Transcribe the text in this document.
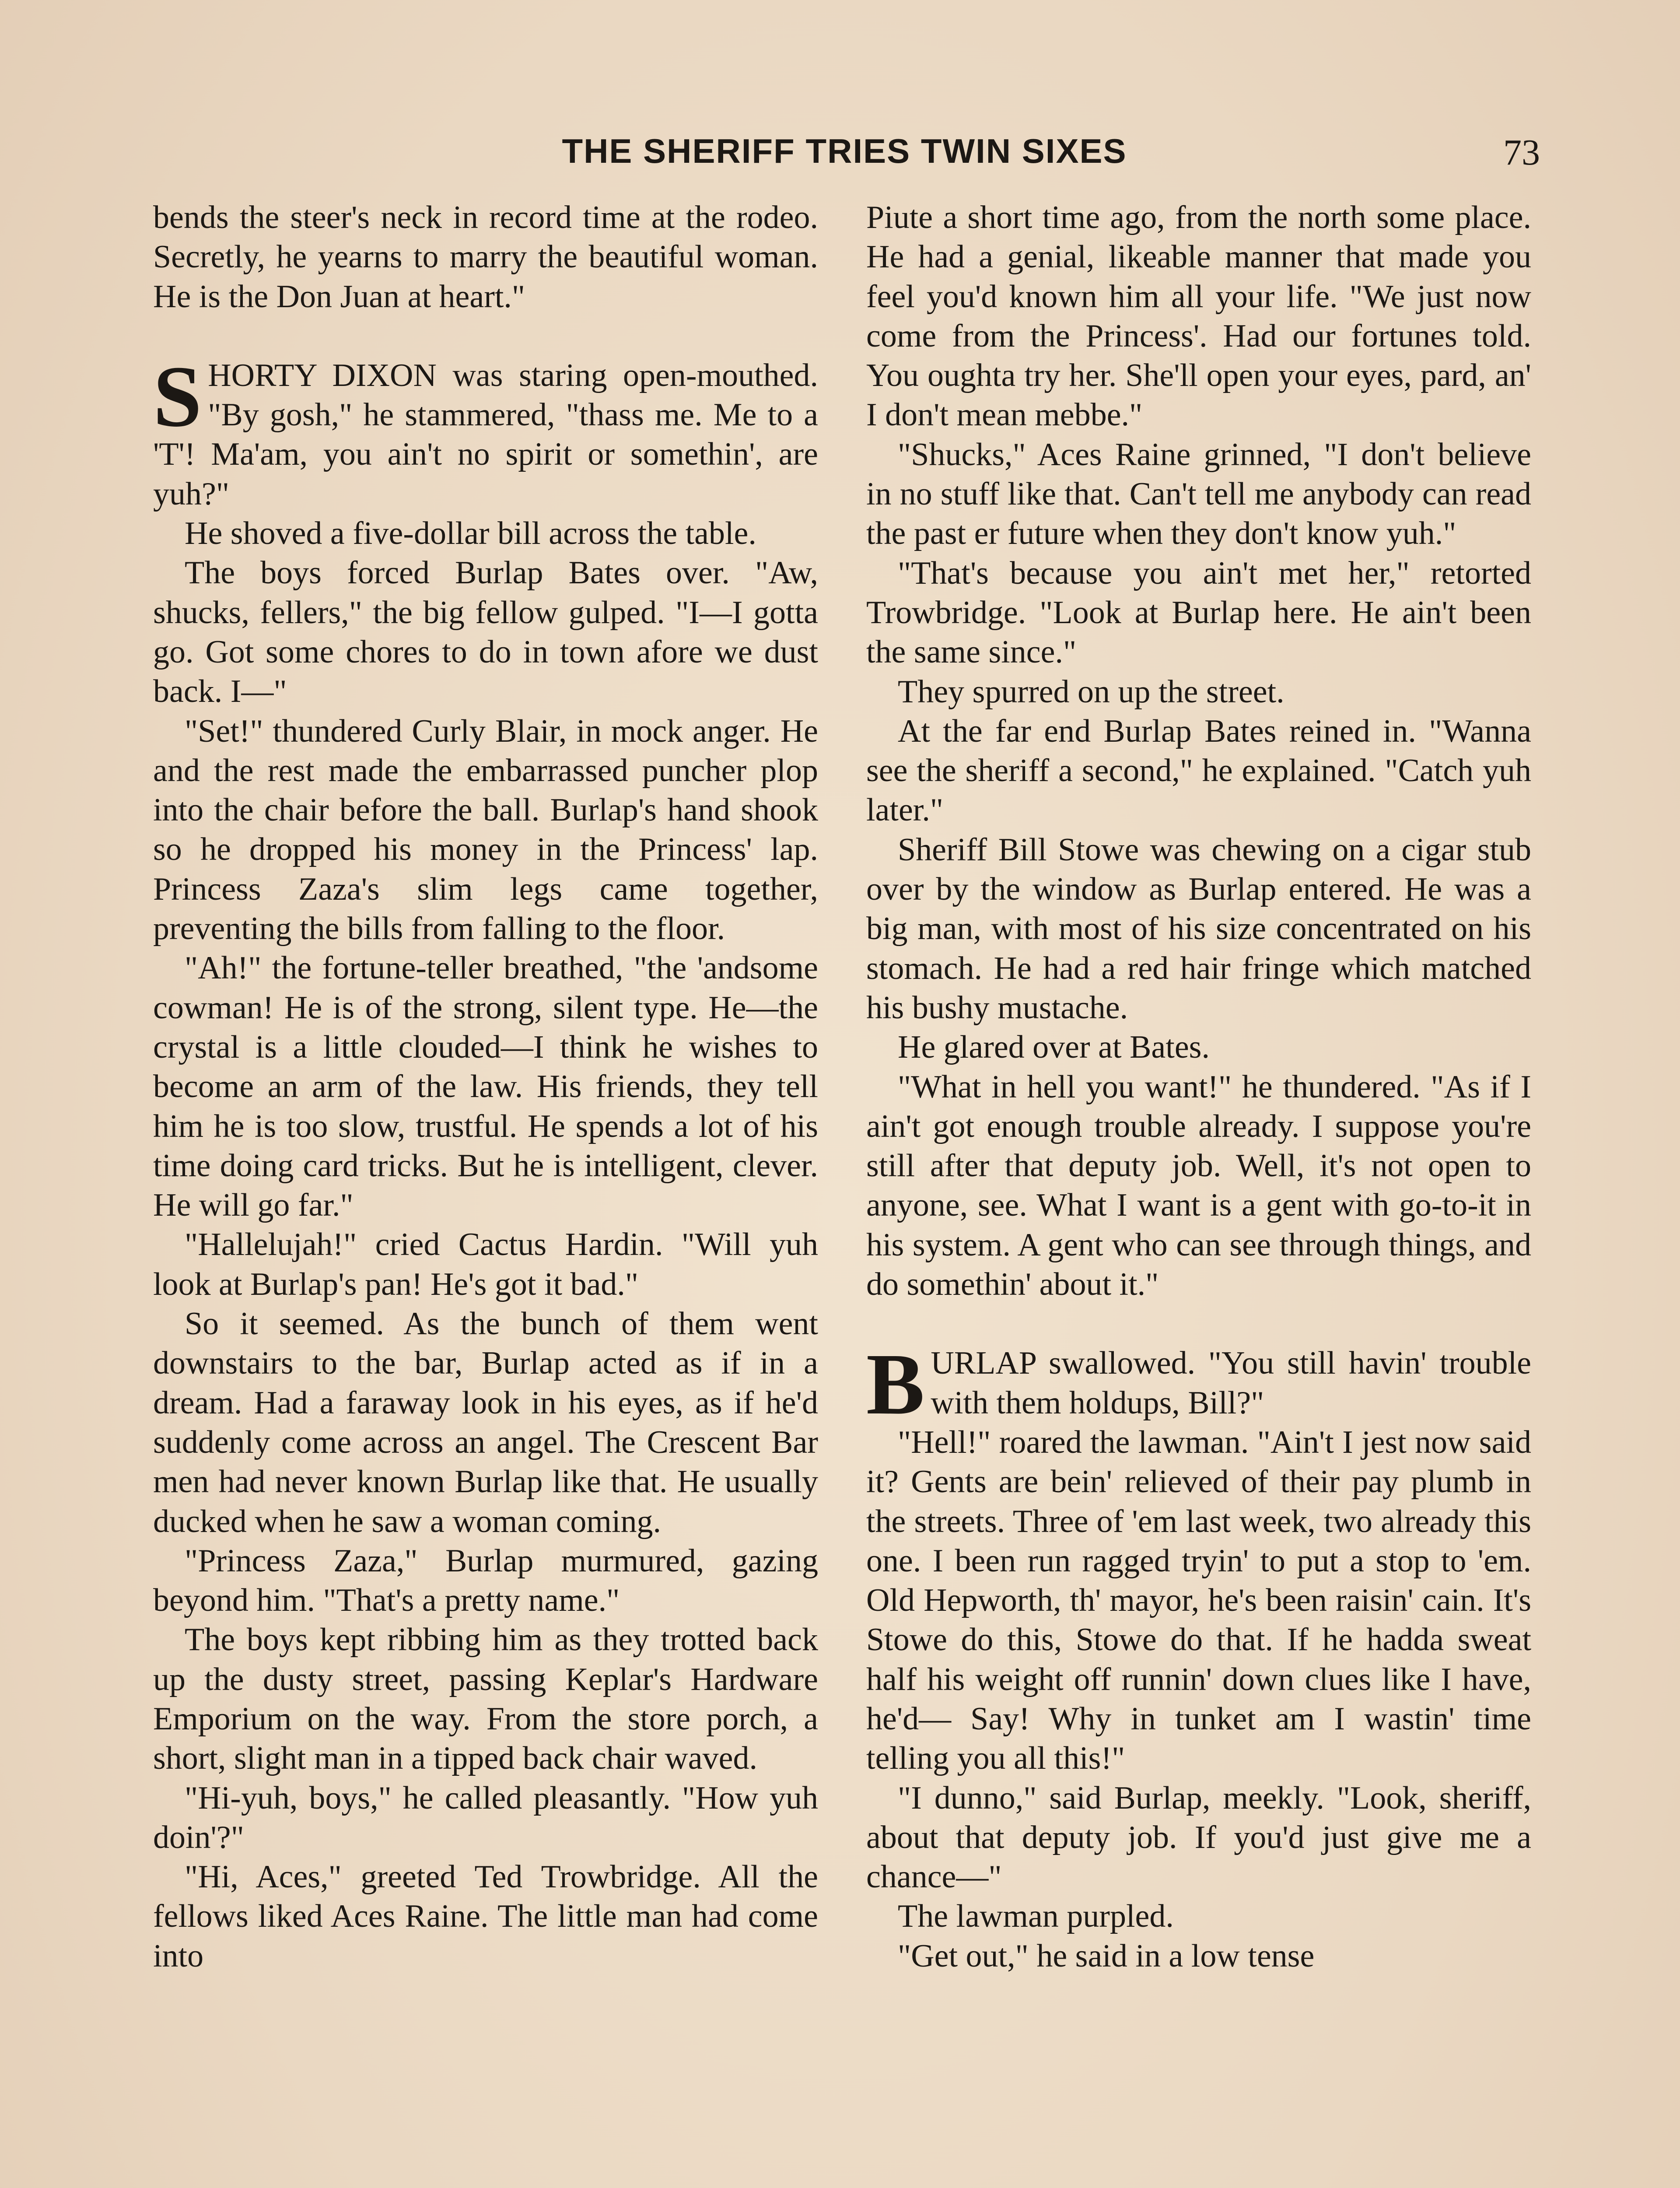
THE SHERIFF TRIES TWIN SIXES	73

bends the steer's neck in record time at the rodeo. Secretly, he yearns to marry the beautiful woman. He is the Don Juan at heart."

SHORTY DIXON was staring open-mouthed. "By gosh," he stammered, "thass me. Me to a 'T'! Ma'am, you ain't no spirit or somethin', are yuh?"

He shoved a five-dollar bill across the table.

The boys forced Burlap Bates over. "Aw, shucks, fellers," the big fellow gulped. "I—I gotta go. Got some chores to do in town afore we dust back. I—"

"Set!" thundered Curly Blair, in mock anger. He and the rest made the embarrassed puncher plop into the chair before the ball. Burlap's hand shook so he dropped his money in the Princess' lap. Princess Zaza's slim legs came together, preventing the bills from falling to the floor.

"Ah!" the fortune-teller breathed, "the 'andsome cowman! He is of the strong, silent type. He—the crystal is a little clouded—I think he wishes to become an arm of the law. His friends, they tell him he is too slow, trustful. He spends a lot of his time doing card tricks. But he is intelligent, clever. He will go far."

"Hallelujah!" cried Cactus Hardin. "Will yuh look at Burlap's pan! He's got it bad."

So it seemed. As the bunch of them went downstairs to the bar, Burlap acted as if in a dream. Had a faraway look in his eyes, as if he'd suddenly come across an angel. The Crescent Bar men had never known Burlap like that. He usually ducked when he saw a woman coming.

"Princess Zaza," Burlap murmured, gazing beyond him. "That's a pretty name."

The boys kept ribbing him as they trotted back up the dusty street, passing Keplar's Hardware Emporium on the way. From the store porch, a short, slight man in a tipped back chair waved.

"Hi-yuh, boys," he called pleasantly. "How yuh doin'?"

"Hi, Aces," greeted Ted Trowbridge. All the fellows liked Aces Raine. The little man had come into

Piute a short time ago, from the north some place. He had a genial, likeable manner that made you feel you'd known him all your life. "We just now come from the Princess'. Had our fortunes told. You oughta try her. She'll open your eyes, pard, an' I don't mean mebbe."

"Shucks," Aces Raine grinned, "I don't believe in no stuff like that. Can't tell me anybody can read the past er future when they don't know yuh."

"That's because you ain't met her," retorted Trowbridge. "Look at Burlap here. He ain't been the same since."

They spurred on up the street.

At the far end Burlap Bates reined in. "Wanna see the sheriff a second," he explained. "Catch yuh later."

Sheriff Bill Stowe was chewing on a cigar stub over by the window as Burlap entered. He was a big man, with most of his size concentrated on his stomach. He had a red hair fringe which matched his bushy mustache.

He glared over at Bates.

"What in hell you want!" he thundered. "As if I ain't got enough trouble already. I suppose you're still after that deputy job. Well, it's not open to anyone, see. What I want is a gent with go-to-it in his system. A gent who can see through things, and do somethin' about it."

BURLAP swallowed. "You still havin' trouble with them holdups, Bill?"

"Hell!" roared the lawman. "Ain't I jest now said it? Gents are bein' relieved of their pay plumb in the streets. Three of 'em last week, two already this one. I been run ragged tryin' to put a stop to 'em. Old Hepworth, th' mayor, he's been raisin' cain. It's Stowe do this, Stowe do that. If he hadda sweat half his weight off runnin' down clues like I have, he'd— Say! Why in tunket am I wastin' time telling you all this!"

"I dunno," said Burlap, meekly. "Look, sheriff, about that deputy job. If you'd just give me a chance—"

The lawman purpled.

"Get out," he said in a low tense
